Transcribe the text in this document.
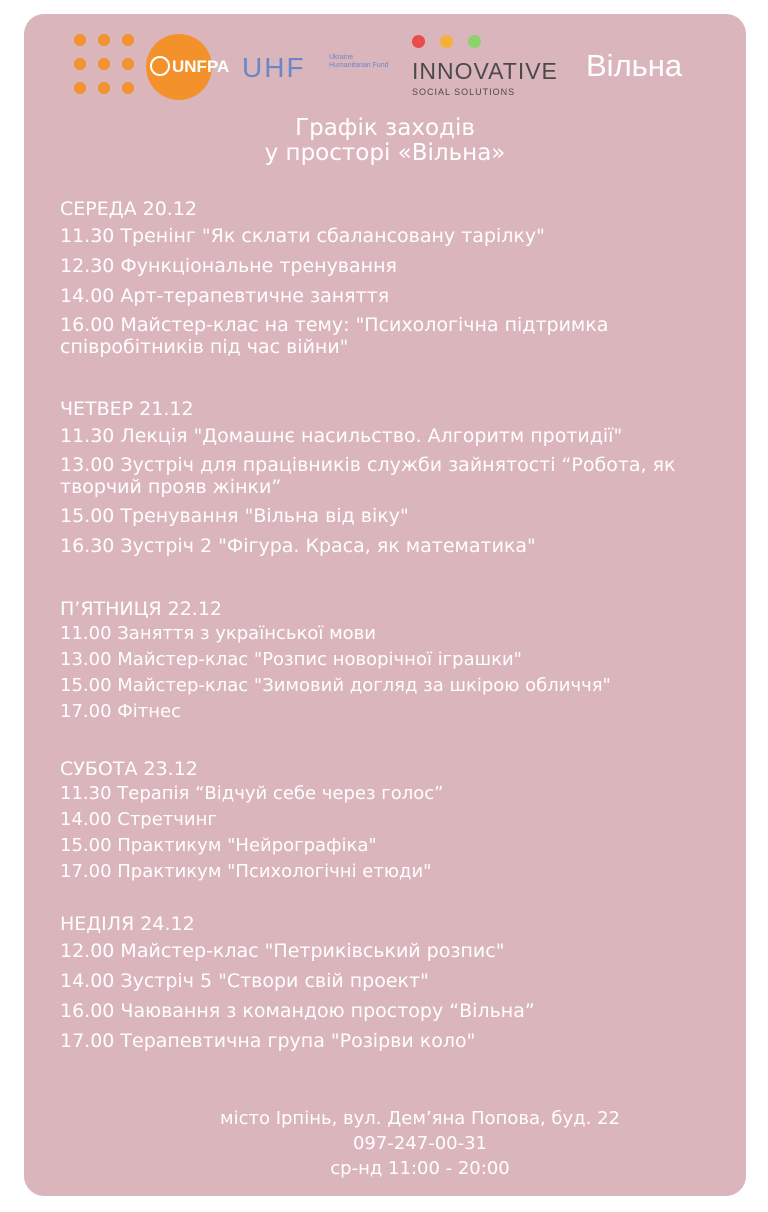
UNFPA UHF	Ukraine Humanitarian Fund INNOVATIVE
SOCIAL SOLUTIONS
Вільна
Графік заходів
у просторі «Вільна»
СЕРЕДА 20.12
11.30 Тренінг "Як склати сбалансовану тарілку"
12.30 Функціональне тренування
14.00 Арт-терапевтичне заняття
16.00 Майстер-клас на тему: "Психологічна підтримка співробітників під час війни"
ЧЕТВЕР 21.12
11.30 Лекція "Домашнє насильство. Алгоритм протидії"
13.00 Зустріч для працівників служби зайнятості “Робота, як творчий прояв жінки”
15.00 Тренування "Вільна від віку"
16.30 Зустріч 2 "Фігура. Краса, як математика"
П’ЯТНИЦЯ 22.12
11.00 Заняття з української мови
13.00 Майстер-клас "Розпис новорічної іграшки"
15.00 Майстер-клас "Зимовий догляд за шкірою обличчя"
17.00 Фітнес
СУБОТА 23.12
11.30 Терапія “Відчуй себе через голос”
14.00 Стретчинг
15.00 Практикум "Нейрографіка"
17.00 Практикум "Психологічні етюди"
НЕДІЛЯ 24.12
12.00 Майстер-клас "Петриківський розпис"
14.00 Зустріч 5 "Створи свій проект"
16.00 Чаювання з командою простору “Вільна”
17.00 Терапевтична група "Розірви коло"
місто Ірпінь, вул. Дем’яна Попова, буд. 22
097-247-00-31
ср-нд 11:00 - 20:00
